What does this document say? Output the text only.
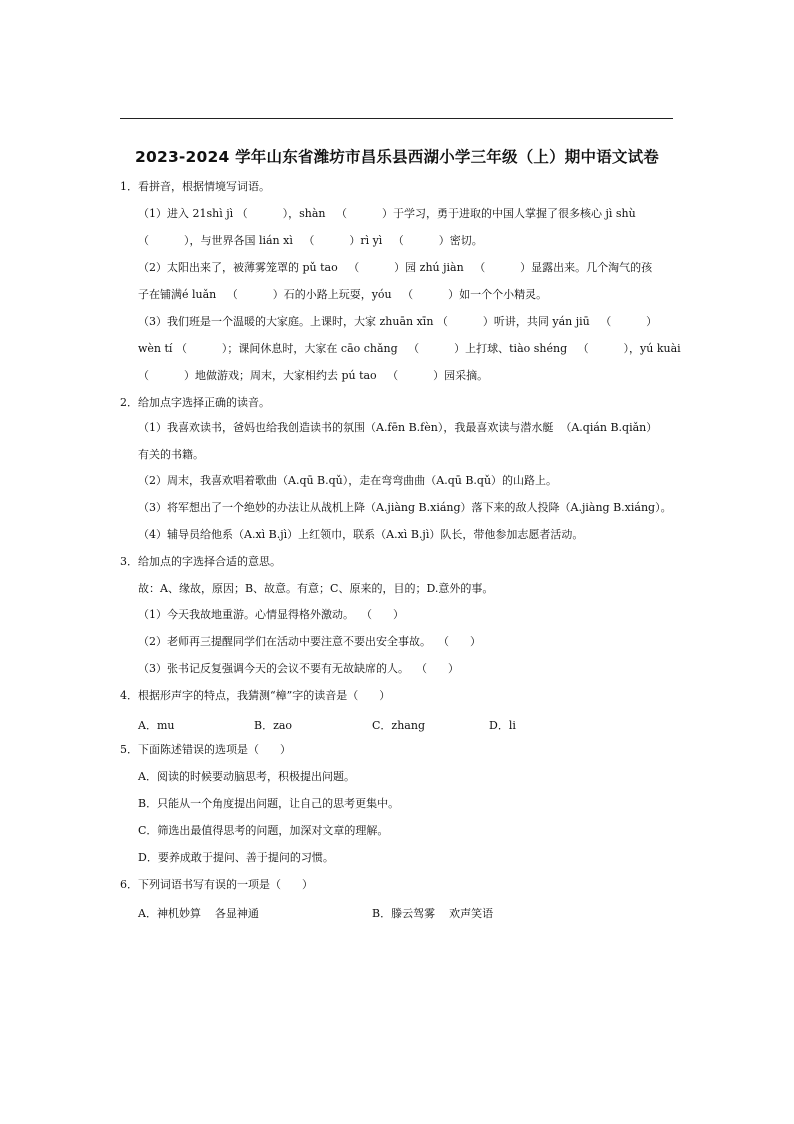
2023-2024 学年山东省潍坊市昌乐县西湖小学三年级（上）期中语文试卷
1．看拼音，根据情境写词语。
（1）进入 21shì jì （          ），shàn   （          ）于学习，勇于进取的中国人掌握了很多核心 jì shù
（          ），与世界各国 lián xì   （          ）rì yì   （          ）密切。
（2）太阳出来了，被薄雾笼罩的 pǔ tao   （          ）园 zhú jiàn   （          ）显露出来。几个淘气的孩
子在铺满é luǎn   （          ）石的小路上玩耍，yóu   （          ）如一个个小精灵。
（3）我们班是一个温暖的大家庭。上课时，大家 zhuān xīn （          ）听讲，共同 yán jiū   （          ）
wèn tí （          ）；课间休息时，大家在 cāo chǎng   （          ）上打球、tiào shéng   （          ），yú kuài
（          ）地做游戏；周末，大家相约去 pú tao   （          ）园采摘。
2．给加点字选择正确的读音。
（1）我喜欢读书，爸妈也给我创造读书的氛围（A.fēn B.fèn），我最喜欢读与潜水艇  （A.qián B.qiǎn）
有关的书籍。
（2）周末，我喜欢唱着歌曲（A.qū B.qǔ），走在弯弯曲曲（A.qū B.qǔ）的山路上。
（3）将军想出了一个绝妙的办法让从战机上降（A.jiàng B.xiáng）落下来的敌人投降（A.jiàng B.xiáng）。
（4）辅导员给他系（A.xì B.jì）上红领巾，联系（A.xì B.jì）队长，带他参加志愿者活动。
3．给加点的字选择合适的意思。
故：A、缘故，原因；B、故意。有意；C、原来的，目的；D.意外的事。
（1）今天我故地重游。心情显得格外激动。  （      ）
（2）老师再三提醒同学们在活动中要注意不要出安全事故。  （      ）
（3）张书记反复强调今天的会议不要有无故缺席的人。  （      ）
4．根据形声字的特点，我猜测“樟”字的读音是（      ）
A．mu	B．zao	C．zhang	D．li
5．下面陈述错误的选项是（      ）
A．阅读的时候要动脑思考，积极提出问题。
B．只能从一个角度提出问题，让自己的思考更集中。
C．筛选出最值得思考的问题，加深对文章的理解。
D．要养成敢于提问、善于提问的习惯。
6．下列词语书写有误的一项是（      ）
A．神机妙算    各显神通	B．滕云驾雾    欢声笑语
